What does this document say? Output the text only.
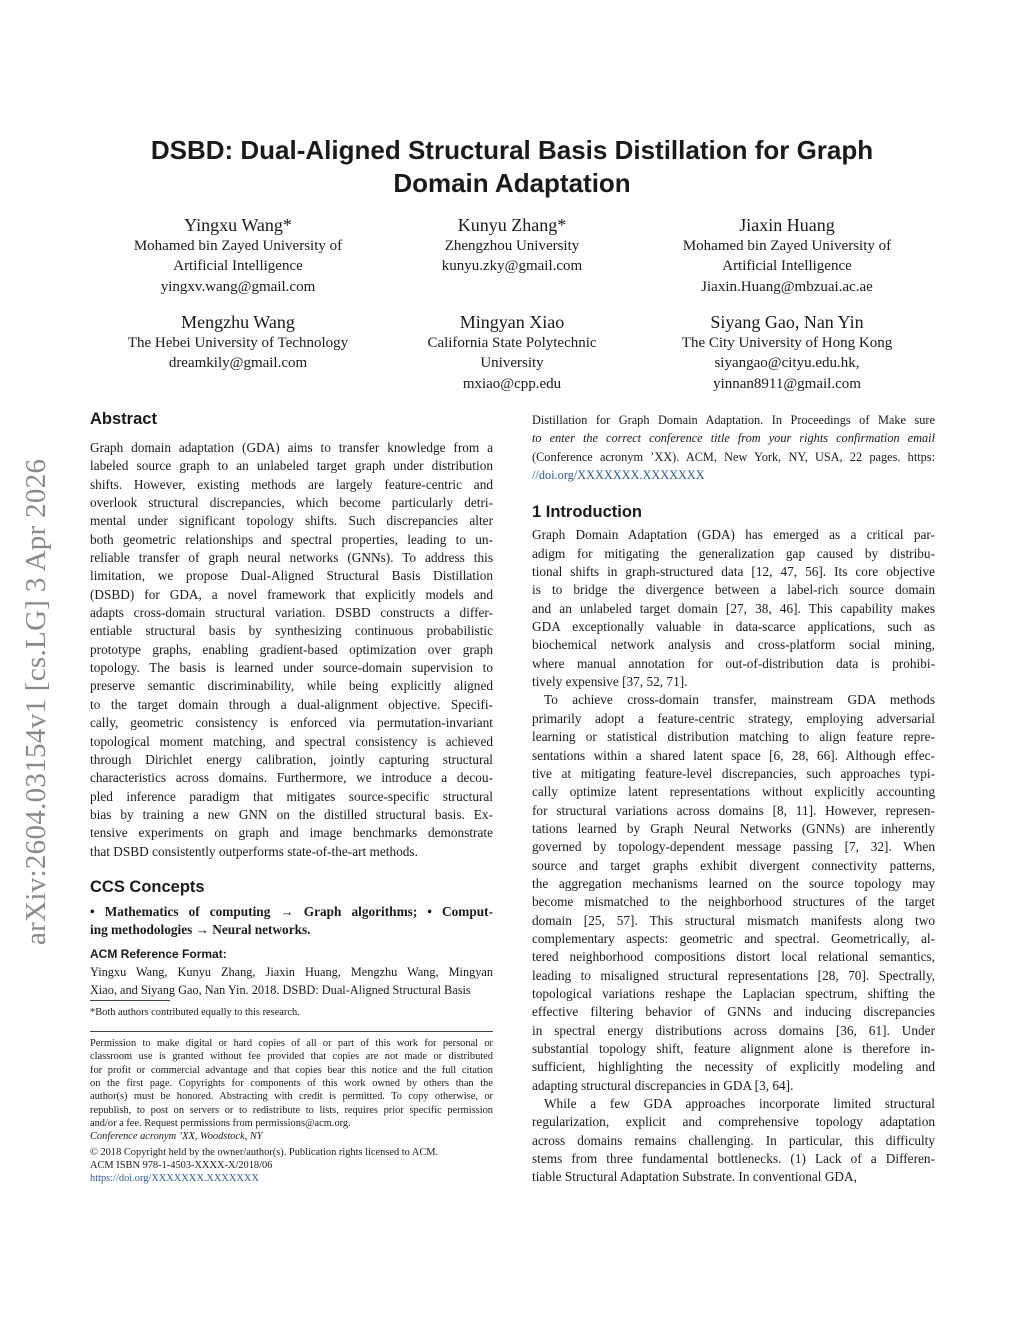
arXiv:2604.03154v1 [cs.LG] 3 Apr 2026
DSBD: Dual-Aligned Structural Basis Distillation for Graph
Domain Adaptation
Yingxu Wang*
Mohamed bin Zayed University of
Artificial Intelligence
yingxv.wang@gmail.com
Kunyu Zhang*
Zhengzhou University
kunyu.zky@gmail.com
Jiaxin Huang
Mohamed bin Zayed University of
Artificial Intelligence
Jiaxin.Huang@mbzuai.ac.ae
Mengzhu Wang
The Hebei University of Technology
dreamkily@gmail.com
Mingyan Xiao
California State Polytechnic
University
mxiao@cpp.edu
Siyang Gao, Nan Yin
The City University of Hong Kong
siyangao@cityu.edu.hk,
yinnan8911@gmail.com
Abstract
Graph domain adaptation (GDA) aims to transfer knowledge from a
labeled source graph to an unlabeled target graph under distribution
shifts. However, existing methods are largely feature-centric and
overlook structural discrepancies, which become particularly detri-
mental under significant topology shifts. Such discrepancies alter
both geometric relationships and spectral properties, leading to un-
reliable transfer of graph neural networks (GNNs). To address this
limitation, we propose Dual-Aligned Structural Basis Distillation
(DSBD) for GDA, a novel framework that explicitly models and
adapts cross-domain structural variation. DSBD constructs a differ-
entiable structural basis by synthesizing continuous probabilistic
prototype graphs, enabling gradient-based optimization over graph
topology. The basis is learned under source-domain supervision to
preserve semantic discriminability, while being explicitly aligned
to the target domain through a dual-alignment objective. Specifi-
cally, geometric consistency is enforced via permutation-invariant
topological moment matching, and spectral consistency is achieved
through Dirichlet energy calibration, jointly capturing structural
characteristics across domains. Furthermore, we introduce a decou-
pled inference paradigm that mitigates source-specific structural
bias by training a new GNN on the distilled structural basis. Ex-
tensive experiments on graph and image benchmarks demonstrate
that DSBD consistently outperforms state-of-the-art methods.
CCS Concepts
• Mathematics of computing → Graph algorithms; • Comput-
ing methodologies → Neural networks.
ACM Reference Format:
Yingxu Wang, Kunyu Zhang, Jiaxin Huang, Mengzhu Wang, Mingyan
Xiao, and Siyang Gao, Nan Yin. 2018. DSBD: Dual-Aligned Structural Basis
*Both authors contributed equally to this research.
Permission to make digital or hard copies of all or part of this work for personal or
classroom use is granted without fee provided that copies are not made or distributed
for profit or commercial advantage and that copies bear this notice and the full citation
on the first page. Copyrights for components of this work owned by others than the
author(s) must be honored. Abstracting with credit is permitted. To copy otherwise, or
republish, to post on servers or to redistribute to lists, requires prior specific permission
and/or a fee. Request permissions from permissions@acm.org.
Conference acronym ’XX, Woodstock, NY
© 2018 Copyright held by the owner/author(s). Publication rights licensed to ACM.
ACM ISBN 978-1-4503-XXXX-X/2018/06
https://doi.org/XXXXXXX.XXXXXXX
Distillation for Graph Domain Adaptation. In Proceedings of Make sure
to enter the correct conference title from your rights confirmation email
(Conference acronym ’XX). ACM, New York, NY, USA, 22 pages. https:
//doi.org/XXXXXXX.XXXXXXX
1 Introduction
Graph Domain Adaptation (GDA) has emerged as a critical par-
adigm for mitigating the generalization gap caused by distribu-
tional shifts in graph-structured data [12, 47, 56]. Its core objective
is to bridge the divergence between a label-rich source domain
and an unlabeled target domain [27, 38, 46]. This capability makes
GDA exceptionally valuable in data-scarce applications, such as
biochemical network analysis and cross-platform social mining,
where manual annotation for out-of-distribution data is prohibi-
tively expensive [37, 52, 71].
To achieve cross-domain transfer, mainstream GDA methods
primarily adopt a feature-centric strategy, employing adversarial
learning or statistical distribution matching to align feature repre-
sentations within a shared latent space [6, 28, 66]. Although effec-
tive at mitigating feature-level discrepancies, such approaches typi-
cally optimize latent representations without explicitly accounting
for structural variations across domains [8, 11]. However, represen-
tations learned by Graph Neural Networks (GNNs) are inherently
governed by topology-dependent message passing [7, 32]. When
source and target graphs exhibit divergent connectivity patterns,
the aggregation mechanisms learned on the source topology may
become mismatched to the neighborhood structures of the target
domain [25, 57]. This structural mismatch manifests along two
complementary aspects: geometric and spectral. Geometrically, al-
tered neighborhood compositions distort local relational semantics,
leading to misaligned structural representations [28, 70]. Spectrally,
topological variations reshape the Laplacian spectrum, shifting the
effective filtering behavior of GNNs and inducing discrepancies
in spectral energy distributions across domains [36, 61]. Under
substantial topology shift, feature alignment alone is therefore in-
sufficient, highlighting the necessity of explicitly modeling and
adapting structural discrepancies in GDA [3, 64].
While a few GDA approaches incorporate limited structural
regularization, explicit and comprehensive topology adaptation
across domains remains challenging. In particular, this difficulty
stems from three fundamental bottlenecks. (1) Lack of a Differen-
tiable Structural Adaptation Substrate. In conventional GDA,
